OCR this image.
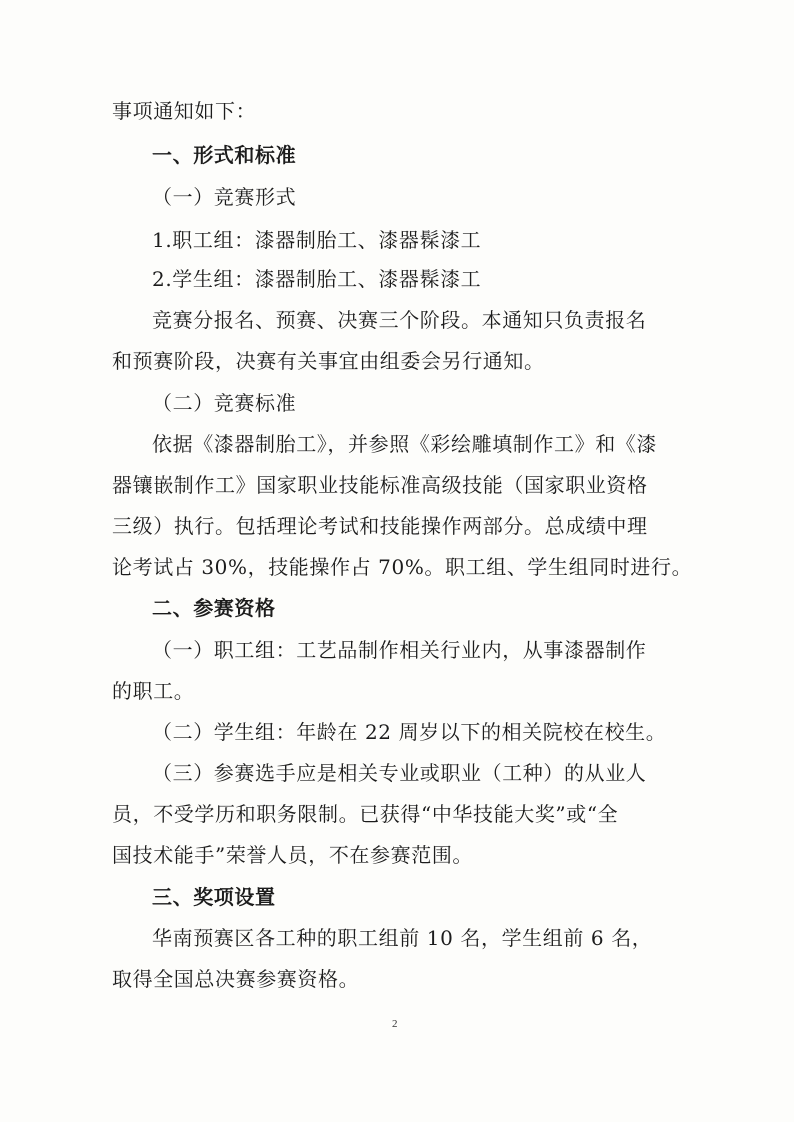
事项通知如下：
一、形式和标准
（一）竞赛形式
1.职工组：漆器制胎工、漆器髹漆工
2.学生组：漆器制胎工、漆器髹漆工
竞赛分报名、预赛、决赛三个阶段。本通知只负责报名
和预赛阶段，决赛有关事宜由组委会另行通知。
（二）竞赛标准
依据《漆器制胎工》，并参照《彩绘雕填制作工》和《漆
器镶嵌制作工》国家职业技能标准高级技能（国家职业资格
三级）执行。包括理论考试和技能操作两部分。总成绩中理
论考试占 30%，技能操作占 70%。职工组、学生组同时进行。
二、参赛资格
（一）职工组：工艺品制作相关行业内，从事漆器制作
的职工。
（二）学生组：年龄在 22 周岁以下的相关院校在校生。
（三）参赛选手应是相关专业或职业（工种）的从业人
员，不受学历和职务限制。已获得“中华技能大奖”或“全
国技术能手”荣誉人员，不在参赛范围。
三、奖项设置
华南预赛区各工种的职工组前 10 名，学生组前 6 名，
取得全国总决赛参赛资格。
2
